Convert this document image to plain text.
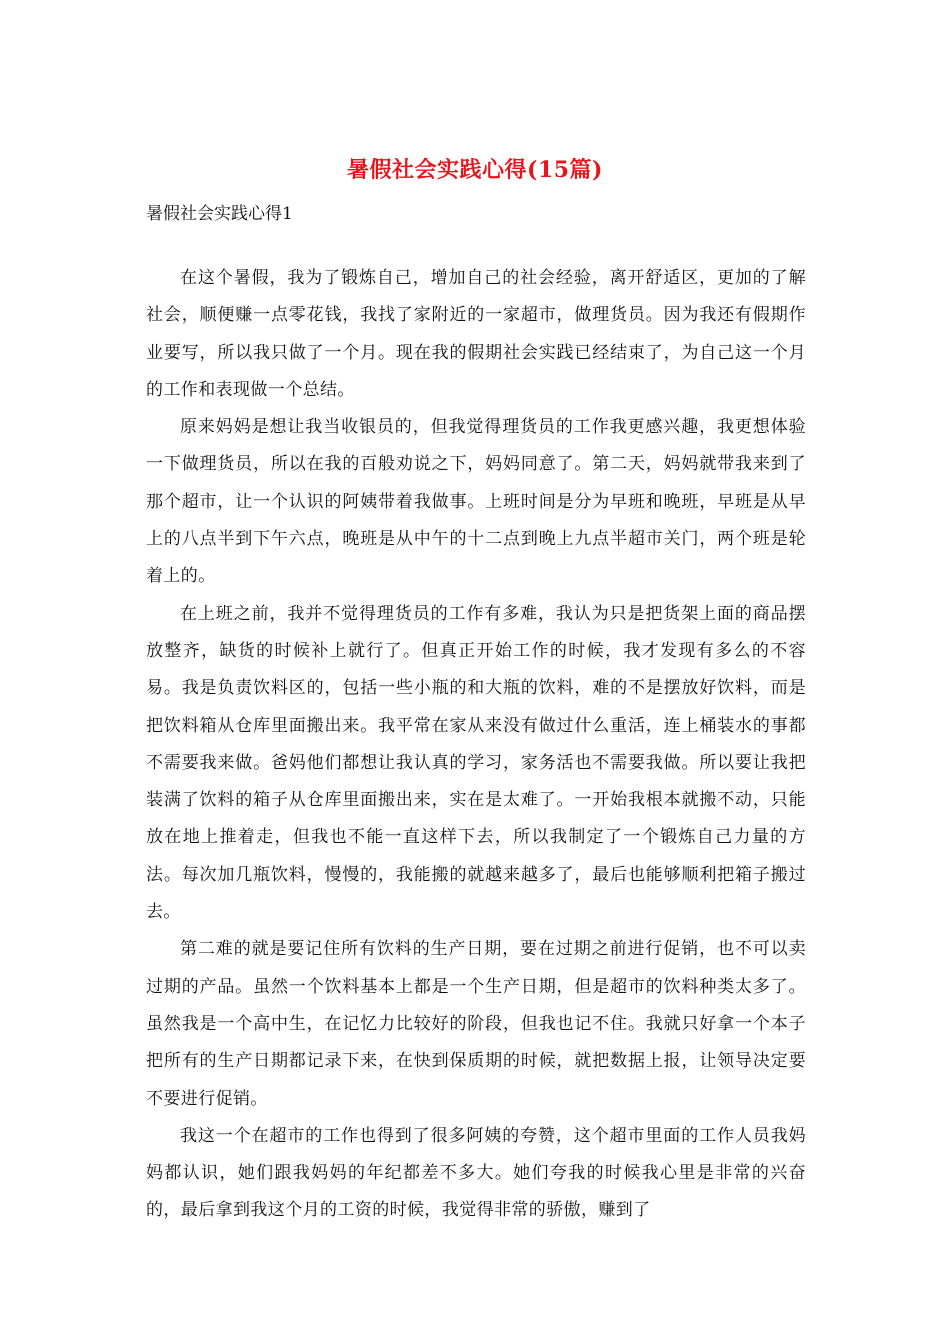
暑假社会实践心得(15篇)
暑假社会实践心得1

在这个暑假，我为了锻炼自己，增加自己的社会经验，离开舒适区，更加的了解社会，顺便赚一点零花钱，我找了家附近的一家超市，做理货员。因为我还有假期作业要写，所以我只做了一个月。现在我的假期社会实践已经结束了，为自己这一个月的工作和表现做一个总结。

原来妈妈是想让我当收银员的，但我觉得理货员的工作我更感兴趣，我更想体验一下做理货员，所以在我的百般劝说之下，妈妈同意了。第二天，妈妈就带我来到了那个超市，让一个认识的阿姨带着我做事。上班时间是分为早班和晚班，早班是从早上的八点半到下午六点，晚班是从中午的十二点到晚上九点半超市关门，两个班是轮着上的。

在上班之前，我并不觉得理货员的工作有多难，我认为只是把货架上面的商品摆放整齐，缺货的时候补上就行了。但真正开始工作的时候，我才发现有多么的不容易。我是负责饮料区的，包括一些小瓶的和大瓶的饮料，难的不是摆放好饮料，而是把饮料箱从仓库里面搬出来。我平常在家从来没有做过什么重活，连上桶装水的事都不需要我来做。爸妈他们都想让我认真的学习，家务活也不需要我做。所以要让我把装满了饮料的箱子从仓库里面搬出来，实在是太难了。一开始我根本就搬不动，只能放在地上推着走，但我也不能一直这样下去，所以我制定了一个锻炼自己力量的方法。每次加几瓶饮料，慢慢的，我能搬的就越来越多了，最后也能够顺利把箱子搬过去。

第二难的就是要记住所有饮料的生产日期，要在过期之前进行促销，也不可以卖过期的产品。虽然一个饮料基本上都是一个生产日期，但是超市的饮料种类太多了。虽然我是一个高中生，在记忆力比较好的阶段，但我也记不住。我就只好拿一个本子把所有的生产日期都记录下来，在快到保质期的时候，就把数据上报，让领导决定要不要进行促销。

我这一个在超市的工作也得到了很多阿姨的夸赞，这个超市里面的工作人员我妈妈都认识，她们跟我妈妈的年纪都差不多大。她们夸我的时候我心里是非常的兴奋的，最后拿到我这个月的工资的时候，我觉得非常的骄傲，赚到了
